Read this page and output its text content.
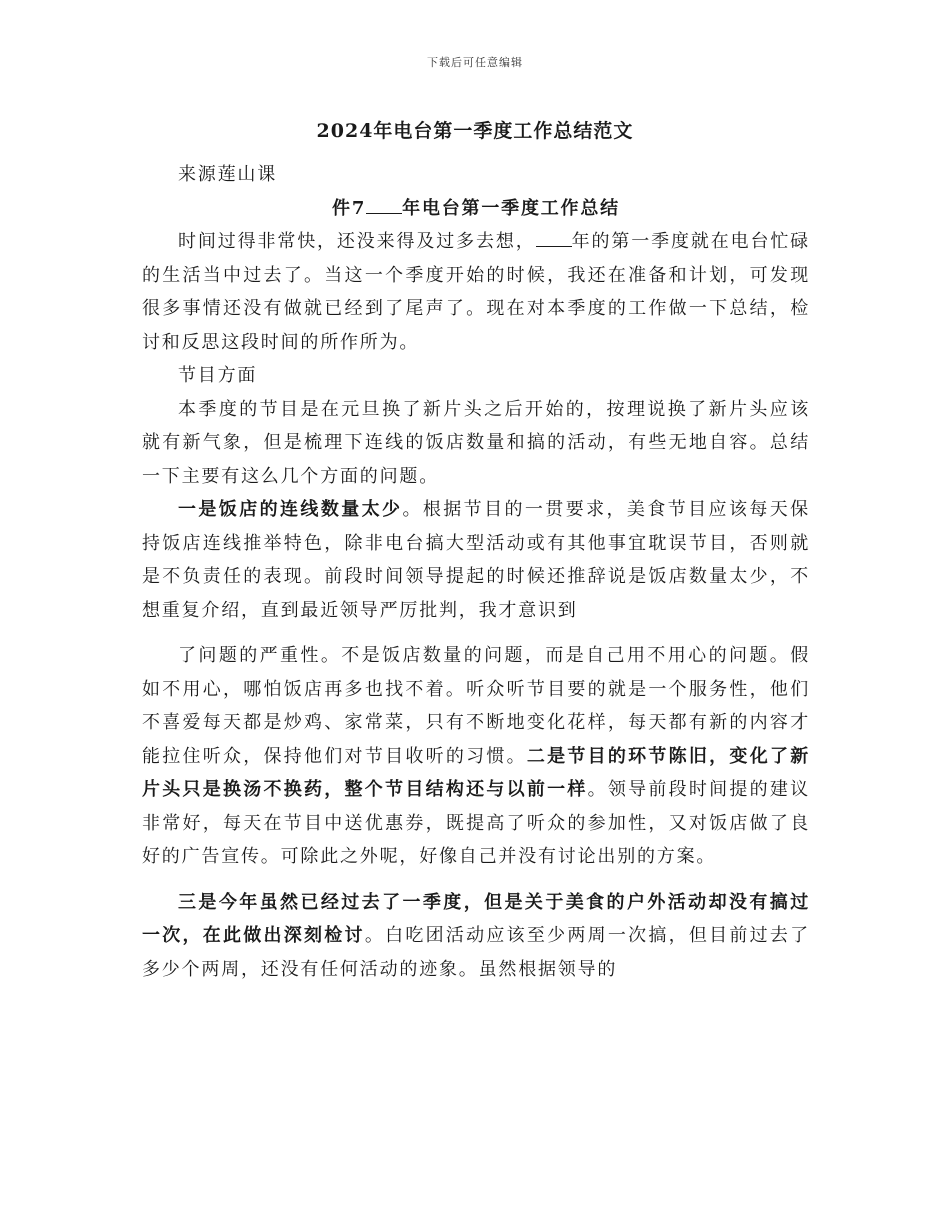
下载后可任意编辑
2024年电台第一季度工作总结范文

来源莲山课

件7 年电台第一季度工作总结

时间过得非常快，还没来得及过多去想， 年的第一季度就在电台忙碌的生活当中过去了。当这一个季度开始的时候，我还在准备和计划，可发现很多事情还没有做就已经到了尾声了。现在对本季度的工作做一下总结，检讨和反思这段时间的所作所为。

节目方面

本季度的节目是在元旦换了新片头之后开始的，按理说换了新片头应该就有新气象，但是梳理下连线的饭店数量和搞的活动，有些无地自容。总结一下主要有这么几个方面的问题。

一是饭店的连线数量太少。根据节目的一贯要求，美食节目应该每天保持饭店连线推举特色，除非电台搞大型活动或有其他事宜耽误节目，否则就是不负责任的表现。前段时间领导提起的时候还推辞说是饭店数量太少，不想重复介绍，直到最近领导严厉批判，我才意识到

了问题的严重性。不是饭店数量的问题，而是自己用不用心的问题。假如不用心，哪怕饭店再多也找不着。听众听节目要的就是一个服务性，他们不喜爱每天都是炒鸡、家常菜，只有不断地变化花样，每天都有新的内容才能拉住听众，保持他们对节目收听的习惯。二是节目的环节陈旧，变化了新片头只是换汤不换药，整个节目结构还与以前一样。领导前段时间提的建议非常好，每天在节目中送优惠券，既提高了听众的参加性，又对饭店做了良好的广告宣传。可除此之外呢，好像自己并没有讨论出别的方案。

三是今年虽然已经过去了一季度，但是关于美食的户外活动却没有搞过一次，在此做出深刻检讨。白吃团活动应该至少两周一次搞，但目前过去了多少个两周，还没有任何活动的迹象。虽然根据领导的
